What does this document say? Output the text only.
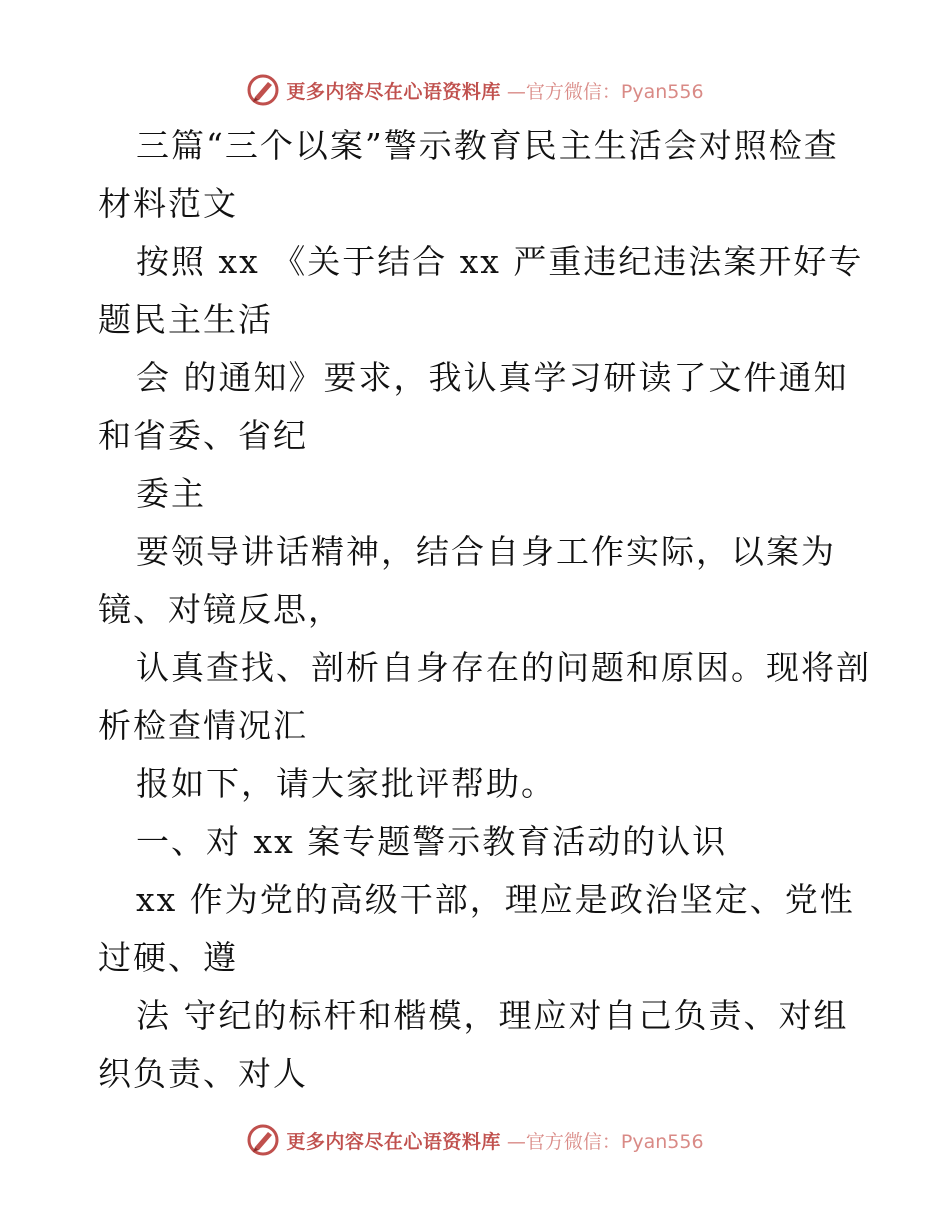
更多内容尽在心语资料库 —官方微信：Pyan556
三篇“三个以案”警示教育民主生活会对照检查
材料范文
按照 xx 《关于结合 xx 严重违纪违法案开好专
题民主生活
会 的通知》要求，我认真学习研读了文件通知
和省委、省纪
委主
要领导讲话精神，结合自身工作实际，以案为
镜、对镜反思，
认真查找、剖析自身存在的问题和原因。现将剖
析检查情况汇
报如下，请大家批评帮助。
一、对 xx 案专题警示教育活动的认识
xx 作为党的高级干部，理应是政治坚定、党性
过硬、遵
法 守纪的标杆和楷模，理应对自己负责、对组
织负责、对人
更多内容尽在心语资料库 —官方微信：Pyan556
